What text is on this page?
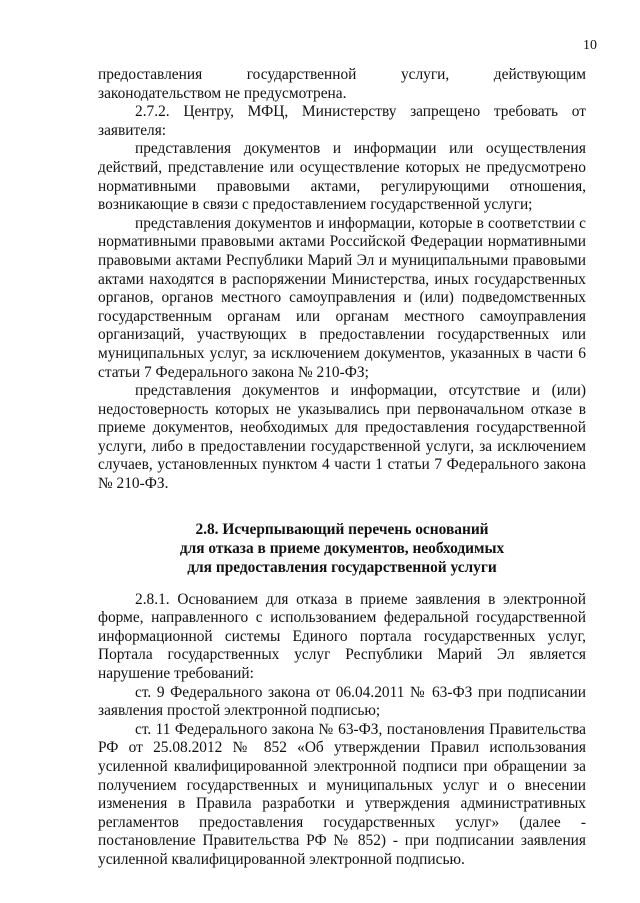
10

предоставления государственной услуги, действующим законодательством не предусмотрена.

2.7.2. Центру, МФЦ, Министерству запрещено требовать от заявителя:

представления документов и информации или осуществления действий, представление или осуществление которых не предусмотрено нормативными правовыми актами, регулирующими отношения, возникающие в связи с предоставлением государственной услуги;

представления документов и информации, которые в соответствии с нормативными правовыми актами Российской Федерации нормативными правовыми актами Республики Марий Эл и муниципальными правовыми актами находятся в распоряжении Министерства, иных государственных органов, органов местного самоуправления и (или) подведомственных государственным органам или органам местного самоуправления организаций, участвующих в предоставлении государственных или муниципальных услуг, за исключением документов, указанных в части 6 статьи 7 Федерального закона № 210-ФЗ;

представления документов и информации, отсутствие и (или) недостоверность которых не указывались при первоначальном отказе в приеме документов, необходимых для предоставления государственной услуги, либо в предоставлении государственной услуги, за исключением случаев, установленных пунктом 4 части 1 статьи 7 Федерального закона № 210-ФЗ.

2.8. Исчерпывающий перечень оснований
для отказа в приеме документов, необходимых
для предоставления государственной услуги

2.8.1. Основанием для отказа в приеме заявления в электронной форме, направленного с использованием федеральной государственной информационной системы Единого портала государственных услуг, Портала государственных услуг Республики Марий Эл является нарушение требований:

ст. 9 Федерального закона от 06.04.2011 № 63-ФЗ при подписании заявления простой электронной подписью;

ст. 11 Федерального закона № 63-ФЗ, постановления Правительства РФ от 25.08.2012 № 852 «Об утверждении Правил использования усиленной квалифицированной электронной подписи при обращении за получением государственных и муниципальных услуг и о внесении изменения в Правила разработки и утверждения административных регламентов предоставления государственных услуг» (далее - постановление Правительства РФ № 852) - при подписании заявления усиленной квалифицированной электронной подписью.
